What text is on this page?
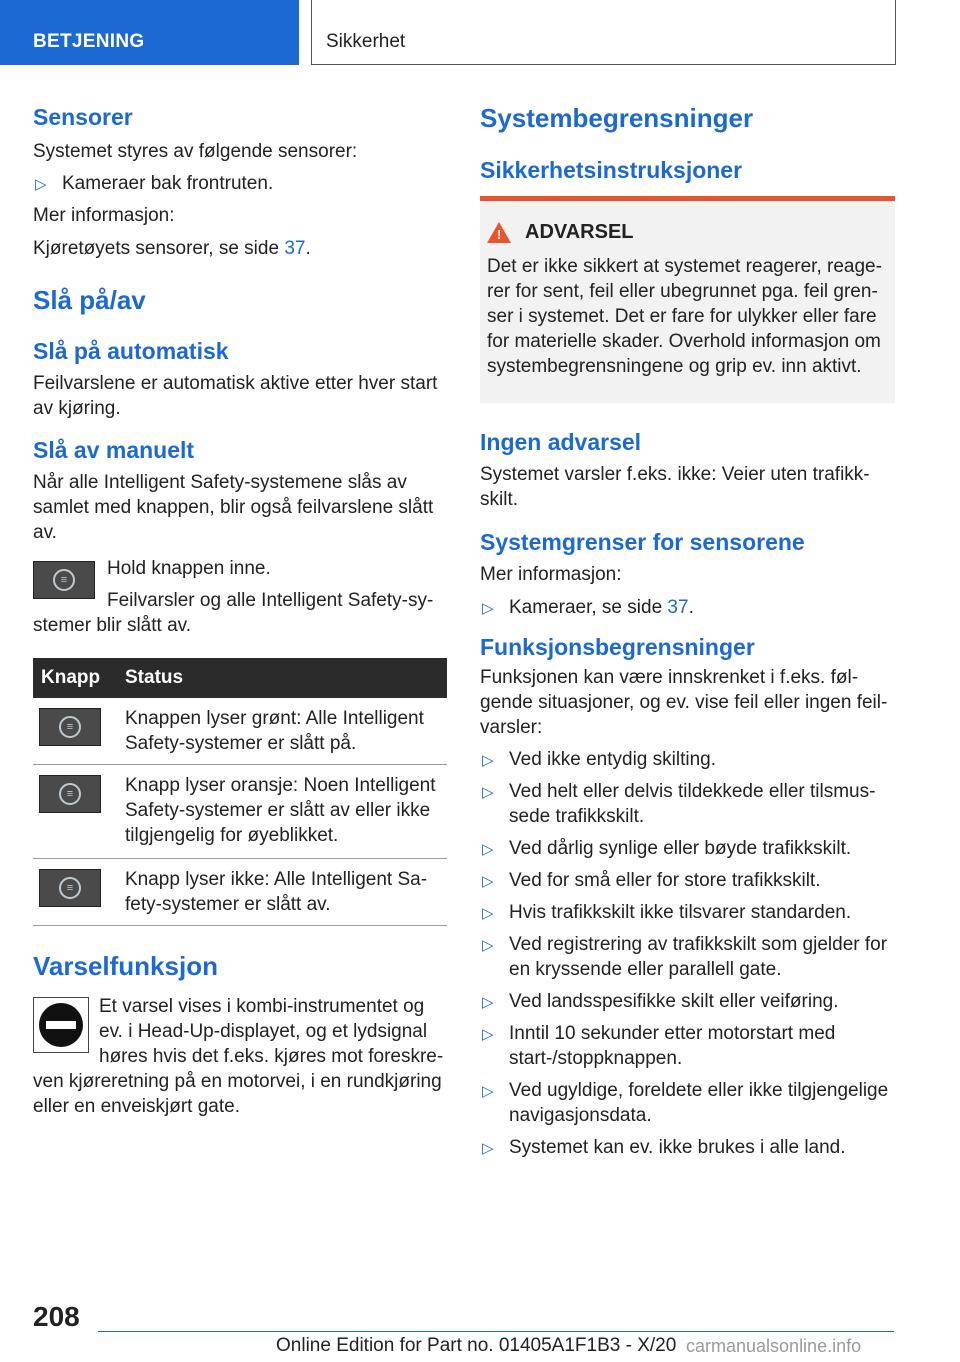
BETJENING	Sikkerhet
Sensorer

Systemet styres av følgende sensorer:

▷ Kameraer bak frontruten.

Mer informasjon:

Kjøretøyets sensorer, se side 37.

Slå på/av
Slå på automatisk

Feilvarslene er automatisk aktive etter hver start av kjøring.

Slå av manuelt

Når alle Intelligent Safety-systemene slås av samlet med knappen, blir også feilvarslene slått av.

≡

Hold knappen inne.

Feilvarsler og alle Intelligent Safety-sy-

stemer blir slått av.

Knapp	Status

≡	Knappen lyser grønt: Alle Intelligent Safety-systemer er slått på.

≡	Knapp lyser oransje: Noen Intelligent Safety-systemer er slått av eller ikke tilgjengelig for øyeblikket.

≡	Knapp lyser ikke: Alle Intelligent Sa-fety-systemer er slått av.
Varselfunksjon

Et varsel vises i kombi-instrumentet og ev. i Head-Up-displayet, og et lydsignal høres hvis det f.eks. kjøres mot foreskre-

ven kjøreretning på en motorvei, i en rundkjøring eller en enveiskjørt gate.

Systembegrensninger
Sikkerhetsinstruksjoner
! ADVARSEL

Det er ikke sikkert at systemet reagerer, reage-rer for sent, feil eller ubegrunnet pga. feil gren-ser i systemet. Det er fare for ulykker eller fare for materielle skader. Overhold informasjon om systembegrensningene og grip ev. inn aktivt.

Ingen advarsel

Systemet varsler f.eks. ikke: Veier uten trafikk-skilt.

Systemgrenser for sensorene

Mer informasjon:

▷ Kameraer, se side 37.
Funksjonsbegrensninger

Funksjonen kan være innskrenket i f.eks. føl-gende situasjoner, og ev. vise feil eller ingen feil-varsler:

▷ Ved ikke entydig skilting.
▷ Ved helt eller delvis tildekkede eller tilsmus-sede trafikkskilt.
▷ Ved dårlig synlige eller bøyde trafikkskilt.
▷ Ved for små eller for store trafikkskilt.
▷ Hvis trafikkskilt ikke tilsvarer standarden.
▷ Ved registrering av trafikkskilt som gjelder for en kryssende eller parallell gate.
▷ Ved landsspesifikke skilt eller veiføring.
▷ Inntil 10 sekunder etter motorstart med start-/stoppknappen.
▷ Ved ugyldige, foreldete eller ikke tilgjengelige navigasjonsdata.
▷ Systemet kan ev. ikke brukes i alle land.
208
Online Edition for Part no. 01405A1F1B3 - X/20 carmanualsonline.info
